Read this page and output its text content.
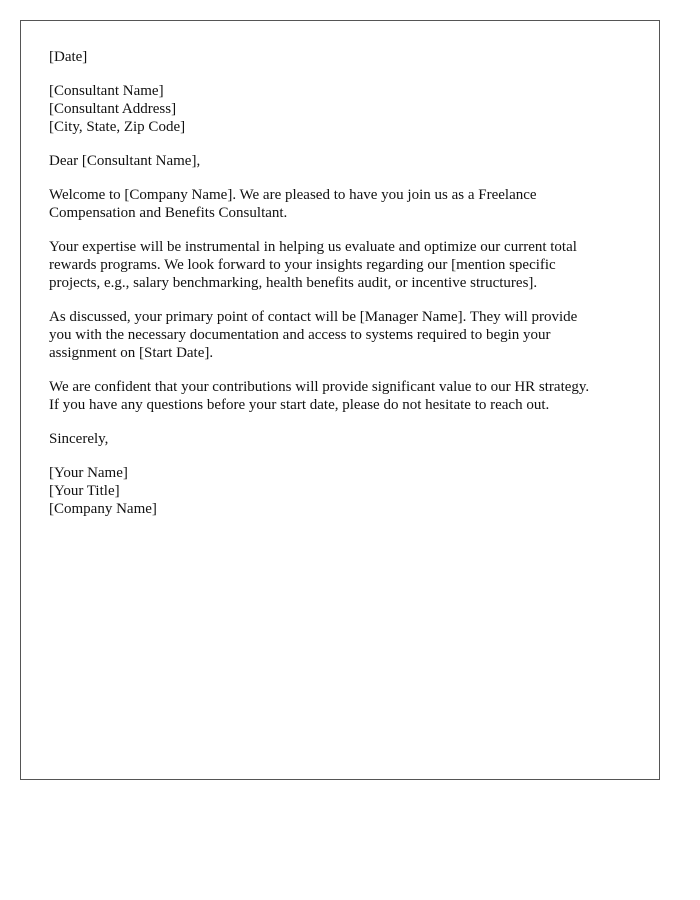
[Date]
[Consultant Name]
[Consultant Address]
[City, State, Zip Code]
Dear [Consultant Name],
Welcome to [Company Name]. We are pleased to have you join us as a Freelance
Compensation and Benefits Consultant.
Your expertise will be instrumental in helping us evaluate and optimize our current total
rewards programs. We look forward to your insights regarding our [mention specific
projects, e.g., salary benchmarking, health benefits audit, or incentive structures].
As discussed, your primary point of contact will be [Manager Name]. They will provide
you with the necessary documentation and access to systems required to begin your
assignment on [Start Date].
We are confident that your contributions will provide significant value to our HR strategy.
If you have any questions before your start date, please do not hesitate to reach out.
Sincerely,
[Your Name]
[Your Title]
[Company Name]
